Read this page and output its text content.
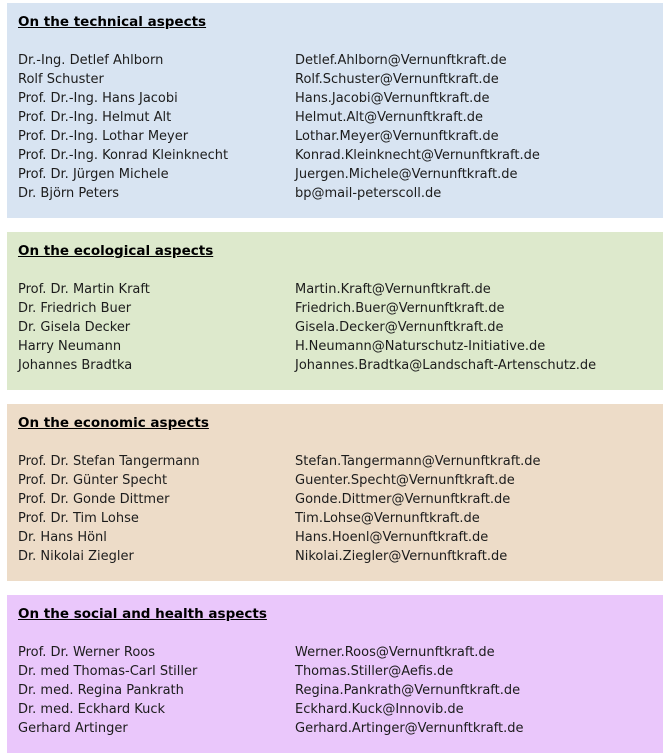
On the technical aspects
Dr.-Ing. Detlef Ahlborn	Detlef.Ahlborn@Vernunftkraft.de
Rolf Schuster	Rolf.Schuster@Vernunftkraft.de
Prof. Dr.-Ing. Hans Jacobi	Hans.Jacobi@Vernunftkraft.de
Prof. Dr.-Ing. Helmut Alt	Helmut.Alt@Vernunftkraft.de
Prof. Dr.-Ing. Lothar Meyer	Lothar.Meyer@Vernunftkraft.de
Prof. Dr.-Ing. Konrad Kleinknecht	Konrad.Kleinknecht@Vernunftkraft.de
Prof. Dr. Jürgen Michele	Juergen.Michele@Vernunftkraft.de
Dr. Björn Peters	bp@mail-peterscoll.de
On the ecological aspects
Prof. Dr. Martin Kraft	Martin.Kraft@Vernunftkraft.de
Dr. Friedrich Buer	Friedrich.Buer@Vernunftkraft.de
Dr. Gisela Decker	Gisela.Decker@Vernunftkraft.de
Harry Neumann	H.Neumann@Naturschutz-Initiative.de
Johannes Bradtka	Johannes.Bradtka@Landschaft-Artenschutz.de
On the economic aspects
Prof. Dr. Stefan Tangermann	Stefan.Tangermann@Vernunftkraft.de
Prof. Dr. Günter Specht	Guenter.Specht@Vernunftkraft.de
Prof. Dr. Gonde Dittmer	Gonde.Dittmer@Vernunftkraft.de
Prof. Dr. Tim Lohse	Tim.Lohse@Vernunftkraft.de
Dr. Hans Hönl	Hans.Hoenl@Vernunftkraft.de
Dr. Nikolai Ziegler	Nikolai.Ziegler@Vernunftkraft.de
On the social and health aspects
Prof. Dr. Werner Roos	Werner.Roos@Vernunftkraft.de
Dr. med Thomas-Carl Stiller	Thomas.Stiller@Aefis.de
Dr. med. Regina Pankrath	Regina.Pankrath@Vernunftkraft.de
Dr. med. Eckhard Kuck	Eckhard.Kuck@Innovib.de
Gerhard Artinger	Gerhard.Artinger@Vernunftkraft.de
